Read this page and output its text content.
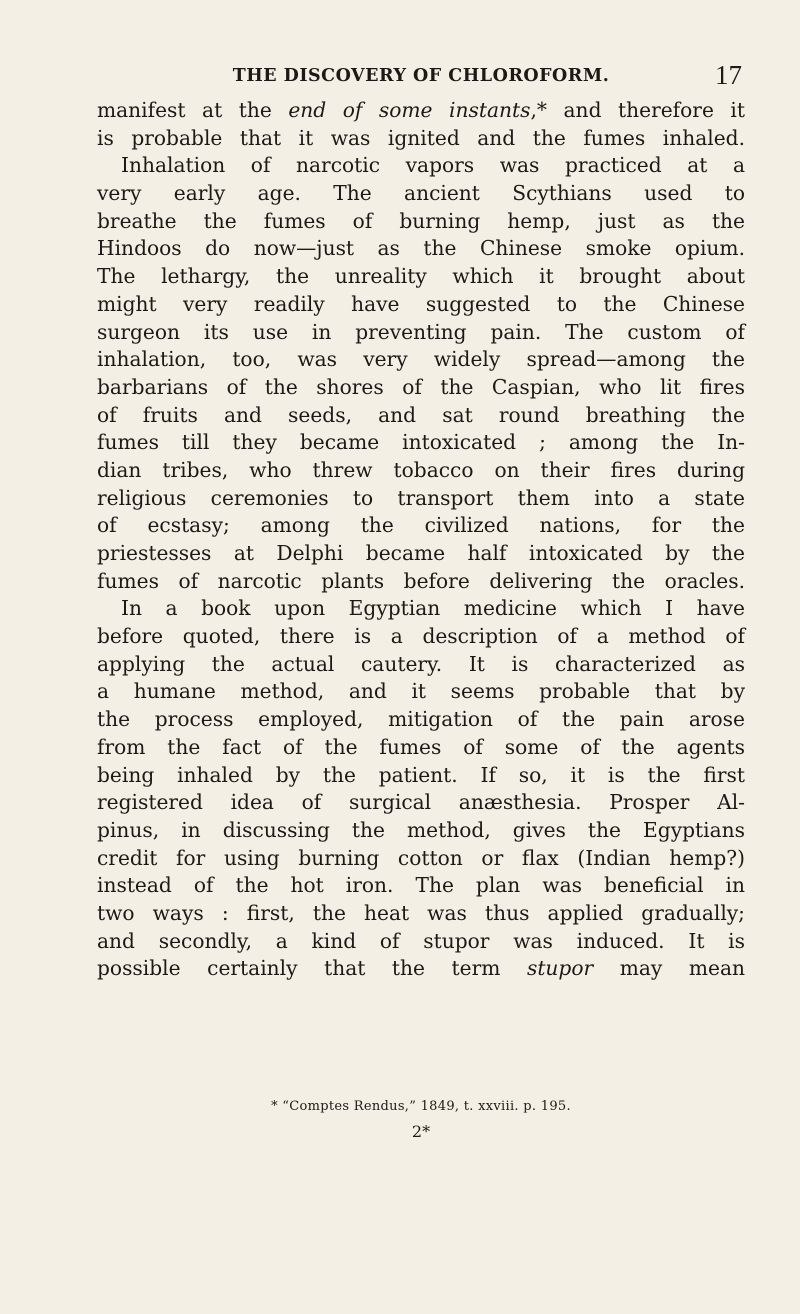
THE DISCOVERY OF CHLOROFORM.	17
manifest at the end of some instants,* and therefore it
is probable that it was ignited and the fumes inhaled.
Inhalation of narcotic vapors was practiced at a
very early age. The ancient Scythians used to
breathe the fumes of burning hemp, just as the
Hindoos do now—just as the Chinese smoke opium.
The lethargy, the unreality which it brought about
might very readily have suggested to the Chinese
surgeon its use in preventing pain. The custom of
inhalation, too, was very widely spread—among the
barbarians of the shores of the Caspian, who lit fires
of fruits and seeds, and sat round breathing the
fumes till they became intoxicated ; among the In-
dian tribes, who threw tobacco on their fires during
religious ceremonies to transport them into a state
of ecstasy; among the civilized nations, for the
priestesses at Delphi became half intoxicated by the
fumes of narcotic plants before delivering the oracles.
In a book upon Egyptian medicine which I have
before quoted, there is a description of a method of
applying the actual cautery. It is characterized as
a humane method, and it seems probable that by
the process employed, mitigation of the pain arose
from the fact of the fumes of some of the agents
being inhaled by the patient. If so, it is the first
registered idea of surgical anæsthesia. Prosper Al-
pinus, in discussing the method, gives the Egyptians
credit for using burning cotton or flax (Indian hemp?)
instead of the hot iron. The plan was beneficial in
two ways : first, the heat was thus applied gradually;
and secondly, a kind of stupor was induced. It is
possible certainly that the term stupor may mean
* “Comptes Rendus,” 1849, t. xxviii. p. 195.
2*
